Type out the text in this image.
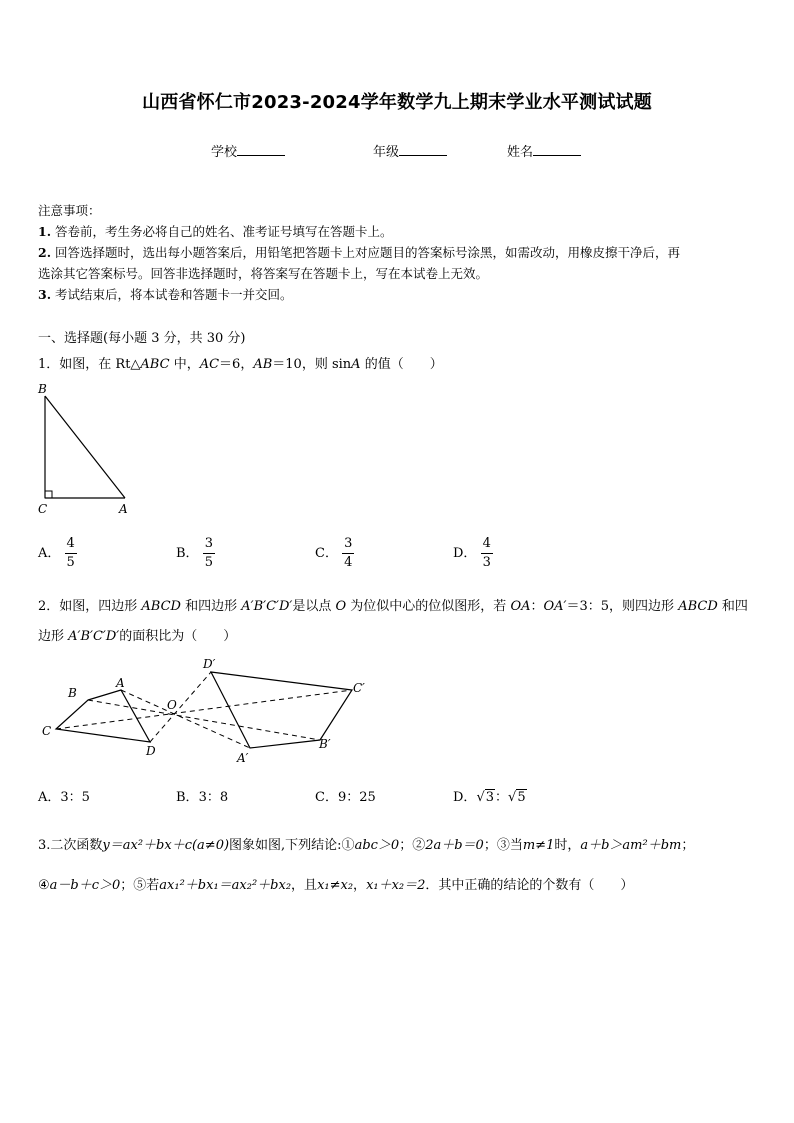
山西省怀仁市2023-2024学年数学九上期末学业水平测试试题
学校	年级	姓名
注意事项：
1. 答卷前，考生务必将自己的姓名、准考证号填写在答题卡上。
2. 回答选择题时，选出每小题答案后，用铅笔把答题卡上对应题目的答案标号涂黑，如需改动，用橡皮擦干净后，再
选涂其它答案标号。回答非选择题时，将答案写在答题卡上，写在本试卷上无效。
3. 考试结束后，将本试卷和答题卡一并交回。
一、选择题(每小题 3 分，共 30 分)
1．如图，在 Rt△ABC 中，AC＝6，AB＝10，则 sinA 的值（　　）
B
C	A
A． $\frac{4}{5}$	B． $\frac{3}{5}$	C． $\frac{3}{4}$	D． $\frac{4}{3}$
2．如图，四边形 ABCD 和四边形 A′B′C′D′是以点 O 为位似中心的位似图形，若 OA：OA′＝3：5，则四边形 ABCD 和四
边形 A′B′C′D′的面积比为（　　）
D′
A
B
O
C′
C
D	B′
A′
A．3：5	B．3：8	C．9：25	D．√3：√5
3.二次函数y＝ax²＋bx＋c(a≠0)图象如图,下列结论:①abc＞0；②2a＋b＝0；③当m≠1时，a＋b＞am²＋bm；
④a－b＋c＞0；⑤若ax₁²＋bx₁＝ax₂²＋bx₂，且x₁≠x₂，x₁＋x₂＝2．其中正确的结论的个数有（　　）
